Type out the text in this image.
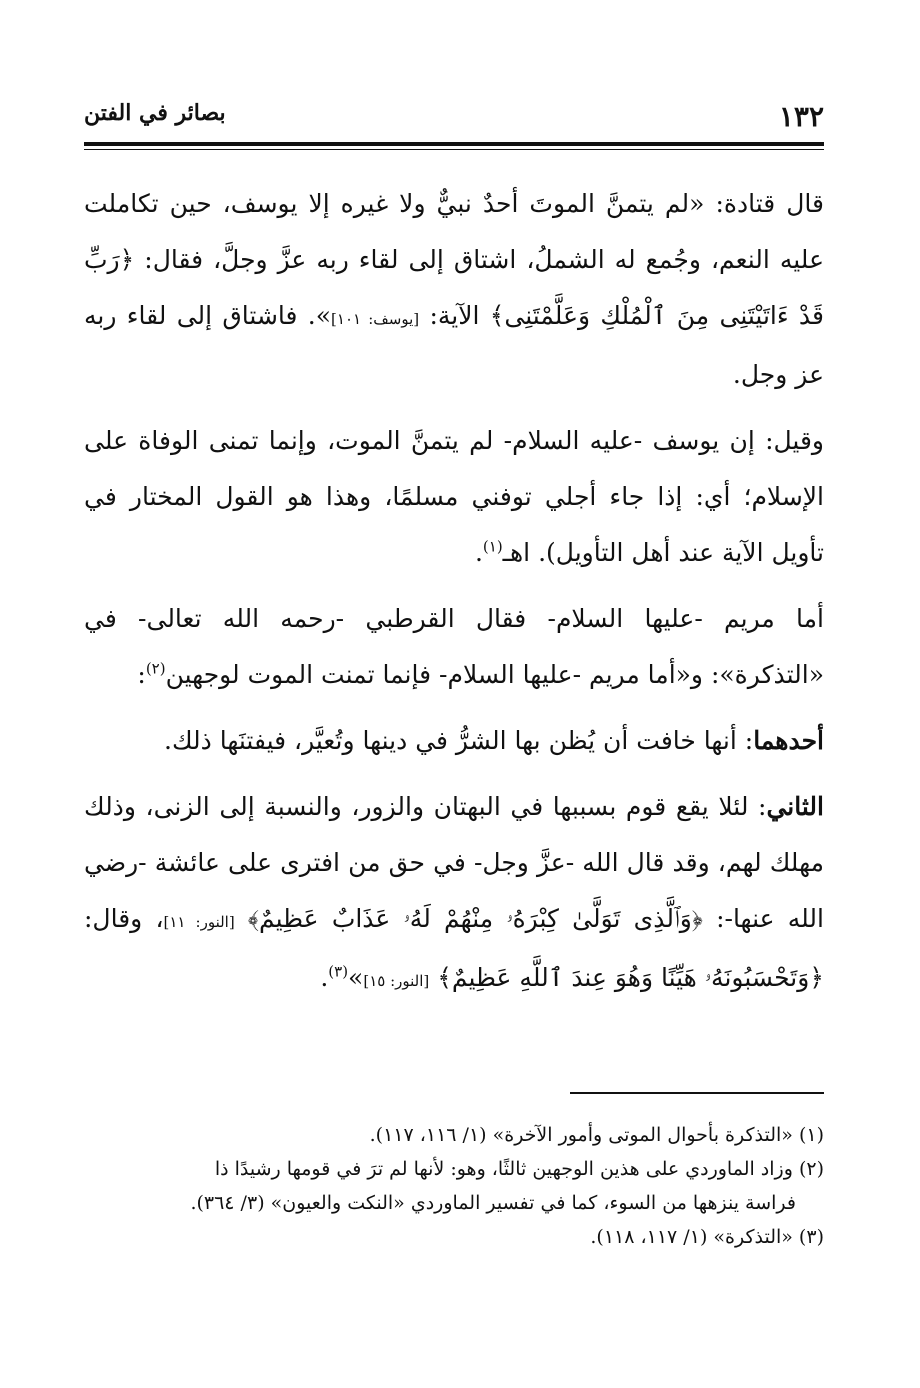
١٣٢
بصائر في الفتن

قال قتادة: «لم يتمنَّ الموتَ أحدٌ نبيٌّ ولا غيره إلا يوسف، حين تكاملت عليه النعم، وجُمع له الشملُ، اشتاق إلى لقاء ربه عزَّ وجلَّ، فقال: ﴿رَبِّ قَدْ ءَاتَيْتَنِى مِنَ ٱلْمُلْكِ وَعَلَّمْتَنِى﴾ الآية: [يوسف: ١٠١]». فاشتاق إلى لقاء ربه عز وجل.

وقيل: إن يوسف -عليه السلام- لم يتمنَّ الموت، وإنما تمنى الوفاة على الإسلام؛ أي: إذا جاء أجلي توفني مسلمًا، وهذا هو القول المختار في تأويل الآية عند أهل التأويل). اهـ$^{(١)}$.

أما مريم -عليها السلام- فقال القرطبي -رحمه الله تعالى- في «التذكرة»: و«أما مريم -عليها السلام- فإنما تمنت الموت لوجهين$^{(٢)}$:

أحدهما: أنها خافت أن يُظن بها الشرُّ في دينها وتُعيَّر، فيفتنَها ذلك.

الثاني: لئلا يقع قوم بسببها في البهتان والزور، والنسبة إلى الزنى، وذلك مهلك لهم، وقد قال الله -عزَّ وجل- في حق من افترى على عائشة -رضي الله عنها-: ﴿وَٱلَّذِى تَوَلَّىٰ كِبْرَهُۥ مِنْهُمْ لَهُۥ عَذَابٌ عَظِيمٌ﴾ [النور: ١١]، وقال: ﴿وَتَحْسَبُونَهُۥ هَيِّنًا وَهُوَ عِندَ ٱللَّهِ عَظِيمٌ﴾ [النور: ١٥]»$^{(٣)}$.

(١) «التذكرة بأحوال الموتى وأمور الآخرة» (١/ ١١٦، ١١٧).

(٢) وزاد الماوردي على هذين الوجهين ثالثًا، وهو: لأنها لم ترَ في قومها رشيدًا ذا

فراسة ينزهها من السوء، كما في تفسير الماوردي «النكت والعيون» (٣/ ٣٦٤).

(٣) «التذكرة» (١/ ١١٧، ١١٨).
